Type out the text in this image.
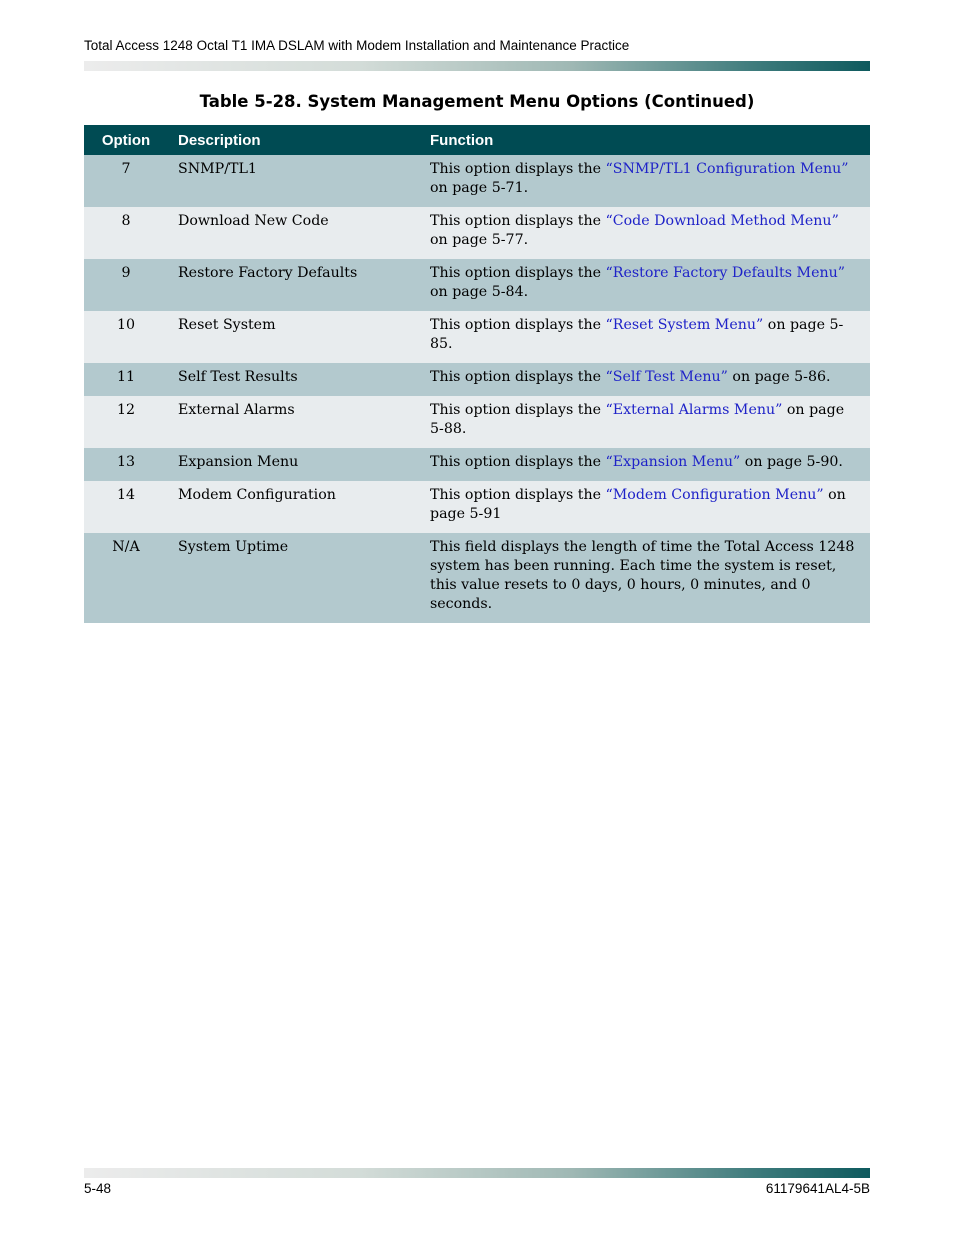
Total Access 1248 Octal T1 IMA DSLAM with Modem Installation and Maintenance Practice
Table 5-28. System Management Menu Options (Continued)
Option	Description	Function
7	SNMP/TL1	This option displays the “SNMP/TL1 Configuration Menu” on page 5-71.
8	Download New Code	This option displays the “Code Download Method Menu” on page 5-77.
9	Restore Factory Defaults	This option displays the “Restore Factory Defaults Menu” on page 5-84.
10	Reset System	This option displays the “Reset System Menu” on page 5-85.
11	Self Test Results	This option displays the “Self Test Menu” on page 5-86.
12	External Alarms	This option displays the “External Alarms Menu” on page 5-88.
13	Expansion Menu	This option displays the “Expansion Menu” on page 5-90.
14	Modem Configuration	This option displays the “Modem Configuration Menu” on page 5-91
N/A	System Uptime	This field displays the length of time the Total Access 1248 system has been running. Each time the system is reset, this value resets to 0 days, 0 hours, 0 minutes, and 0 seconds.
5-48	61179641AL4-5B
